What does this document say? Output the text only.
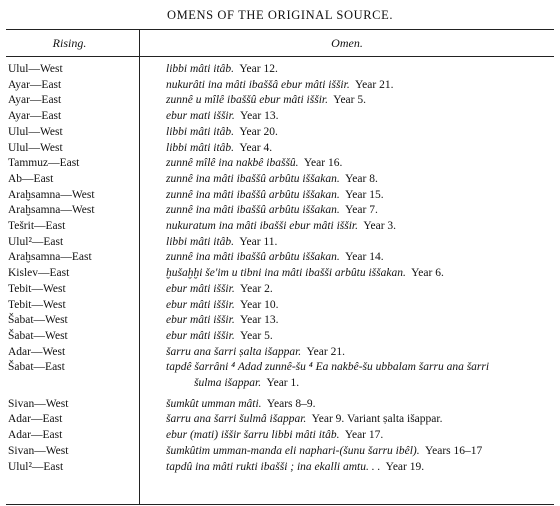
OMENS OF THE ORIGINAL SOURCE.
Rising.	Omen.
Ulul—West	libbi mâti itâb. Year 12.
Ayar—East	nukurâti ina mâti ibaššâ ebur mâti iššir. Year 21.
Ayar—East	zunnê u mîlê ibaššû ebur mâti iššir. Year 5.
Ayar—East	ebur mati iššir. Year 13.
Ulul—West	libbi mâti itâb. Year 20.
Ulul—West	libbi mâti itâb. Year 4.
Tammuz—East	zunnê mîlê ina nakbê ibaššû. Year 16.
Ab—East	zunnê ina mâti ibaššû arbûtu iššakan. Year 8.
Araḫsamna—West	zunnê ina mâti ibaššû arbûtu iššakan. Year 15.
Araḫsamna—West	zunnê ina mâti ibaššû arbûtu iššakan. Year 7.
Tešrit—East	nukuratum ina mâti ibašši ebur mâti iššir. Year 3.
Ulul²—East	libbi mâti itâb. Year 11.
Araḫsamna—East	zunnê ina mâti ibaššû arbûtu iššakan. Year 14.
Kislev—East	ḫušaḫḫi še'im u tibni ina mâti ibašši arbûtu iššakan. Year 6.
Tebit—West	ebur mâti iššir. Year 2.
Tebit—West	ebur mâti iššir. Year 10.
Šabat—West	ebur mâti iššir. Year 13.
Šabat—West	ebur mâti iššir. Year 5.
Adar—West	šarru ana šarri ṣalta išappar. Year 21.
Šabat—East	tapdê šarrâni ⁴ Adad zunnê-šu ⁴ Ea nakbê-šu ubbalam šarru ana šarri
šulma išappar. Year 1.
Sivan—West	šumkût umman mâti. Years 8–9.
Adar—East	šarru ana šarri šulmâ išappar. Year 9. Variant ṣalta išappar.
Adar—East	ebur (mati) iššir šarru libbi mâti itâb. Year 17.
Sivan—West	šumkûtim umman-manda eli naphari-(šunu šarru ibêl). Years 16–17
Ulul²—East	tapdû ina mâti rukti ibašši ; ina ekalli amtu. . . Year 19.
